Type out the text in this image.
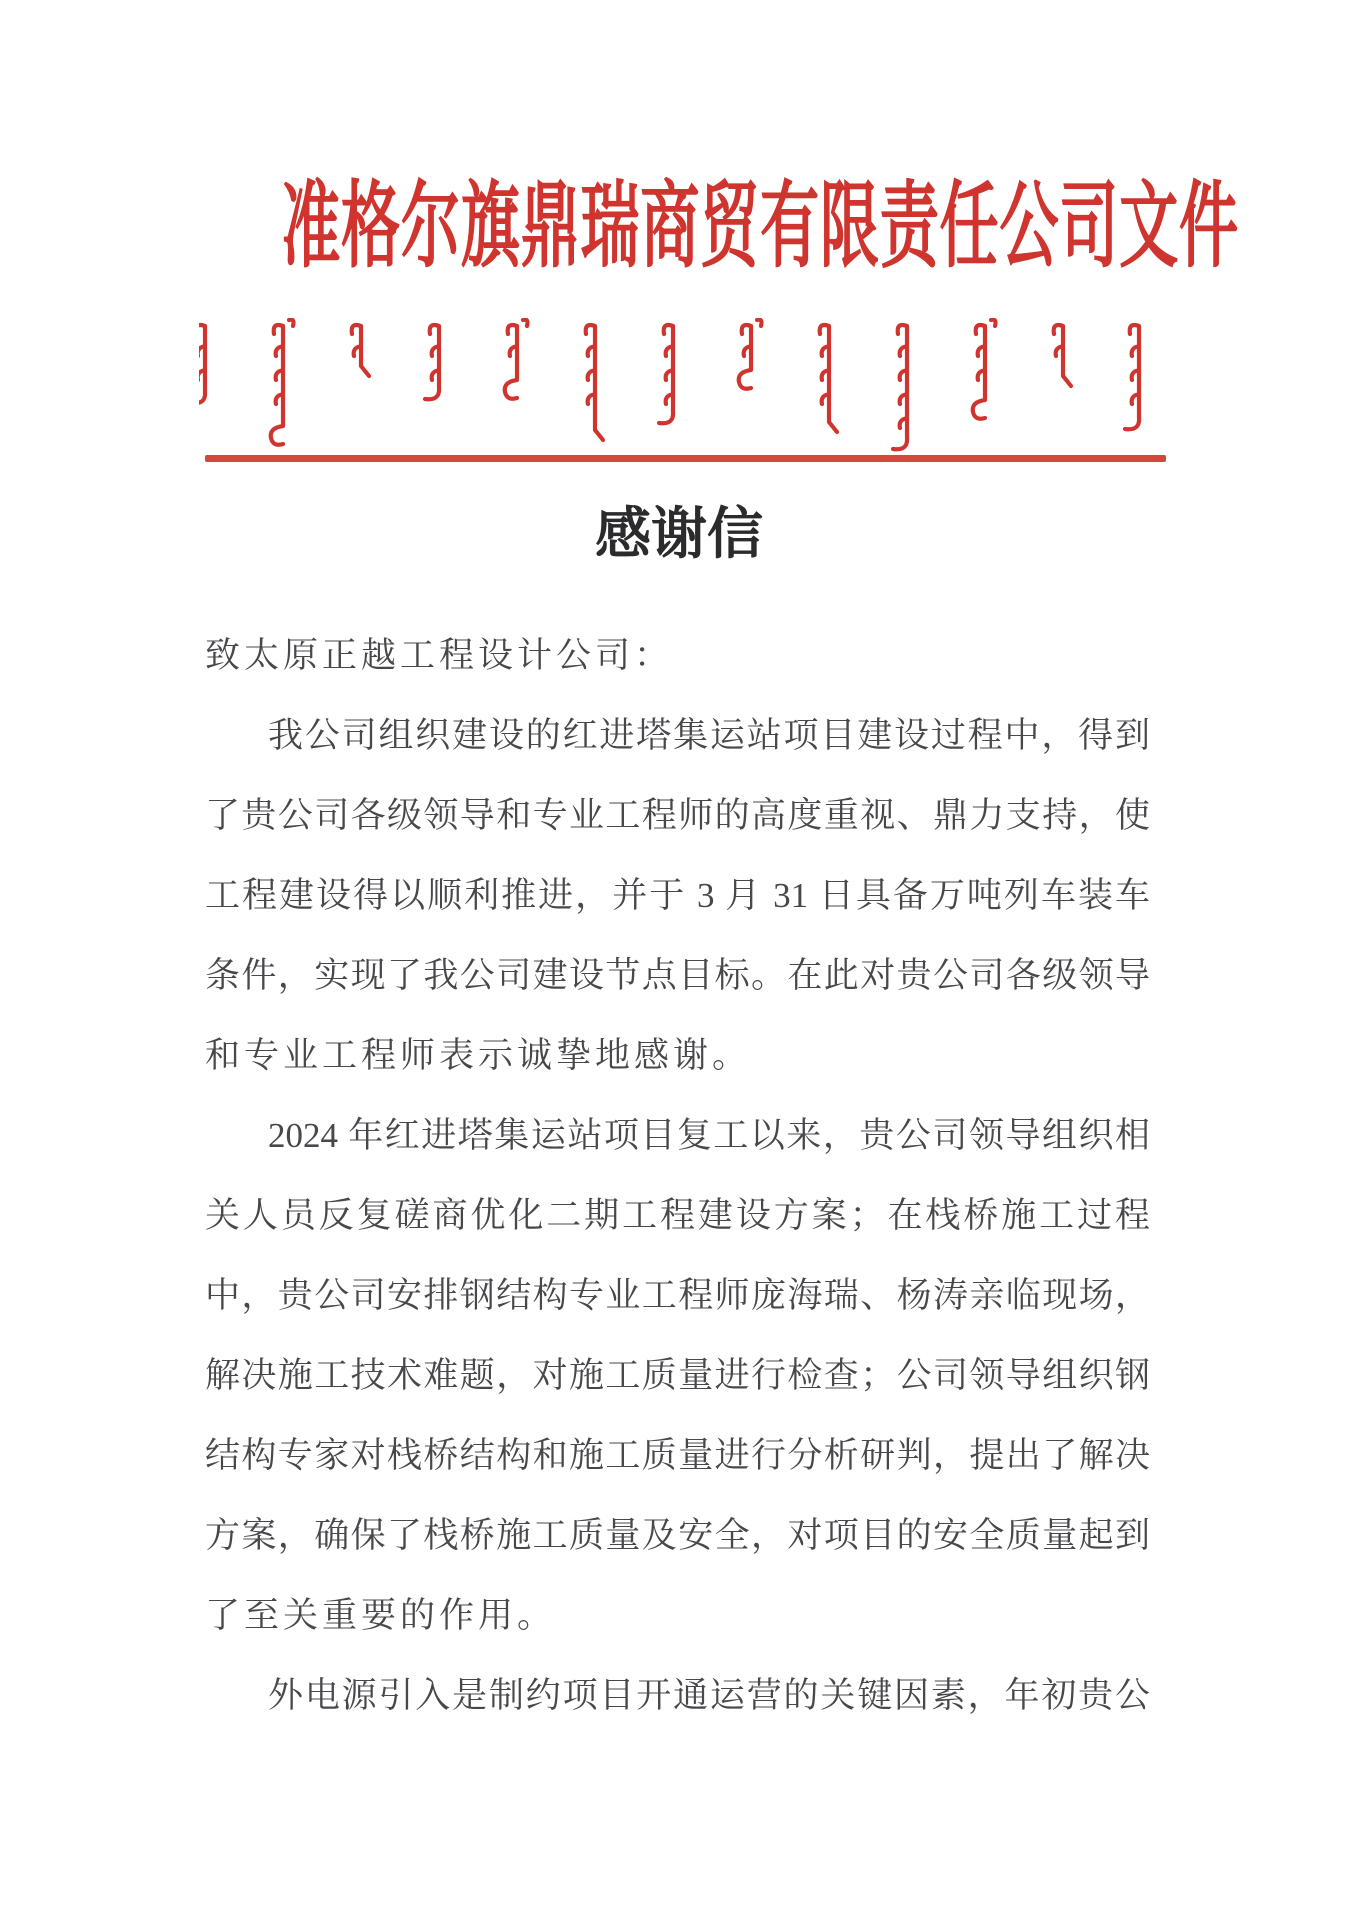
准格尔旗鼎瑞商贸有限责任公司文件
感谢信
致太原正越工程设计公司：
我公司组织建设的红进塔集运站项目建设过程中，得到
了贵公司各级领导和专业工程师的高度重视、鼎力支持，使
工程建设得以顺利推进，并于 3 月 31 日具备万吨列车装车
条件，实现了我公司建设节点目标。在此对贵公司各级领导
和专业工程师表示诚挚地感谢。
2024 年红进塔集运站项目复工以来，贵公司领导组织相
关人员反复磋商优化二期工程建设方案；在栈桥施工过程
中，贵公司安排钢结构专业工程师庞海瑞、杨涛亲临现场，
解决施工技术难题，对施工质量进行检查；公司领导组织钢
结构专家对栈桥结构和施工质量进行分析研判，提出了解决
方案，确保了栈桥施工质量及安全，对项目的安全质量起到
了至关重要的作用。
外电源引入是制约项目开通运营的关键因素，年初贵公
